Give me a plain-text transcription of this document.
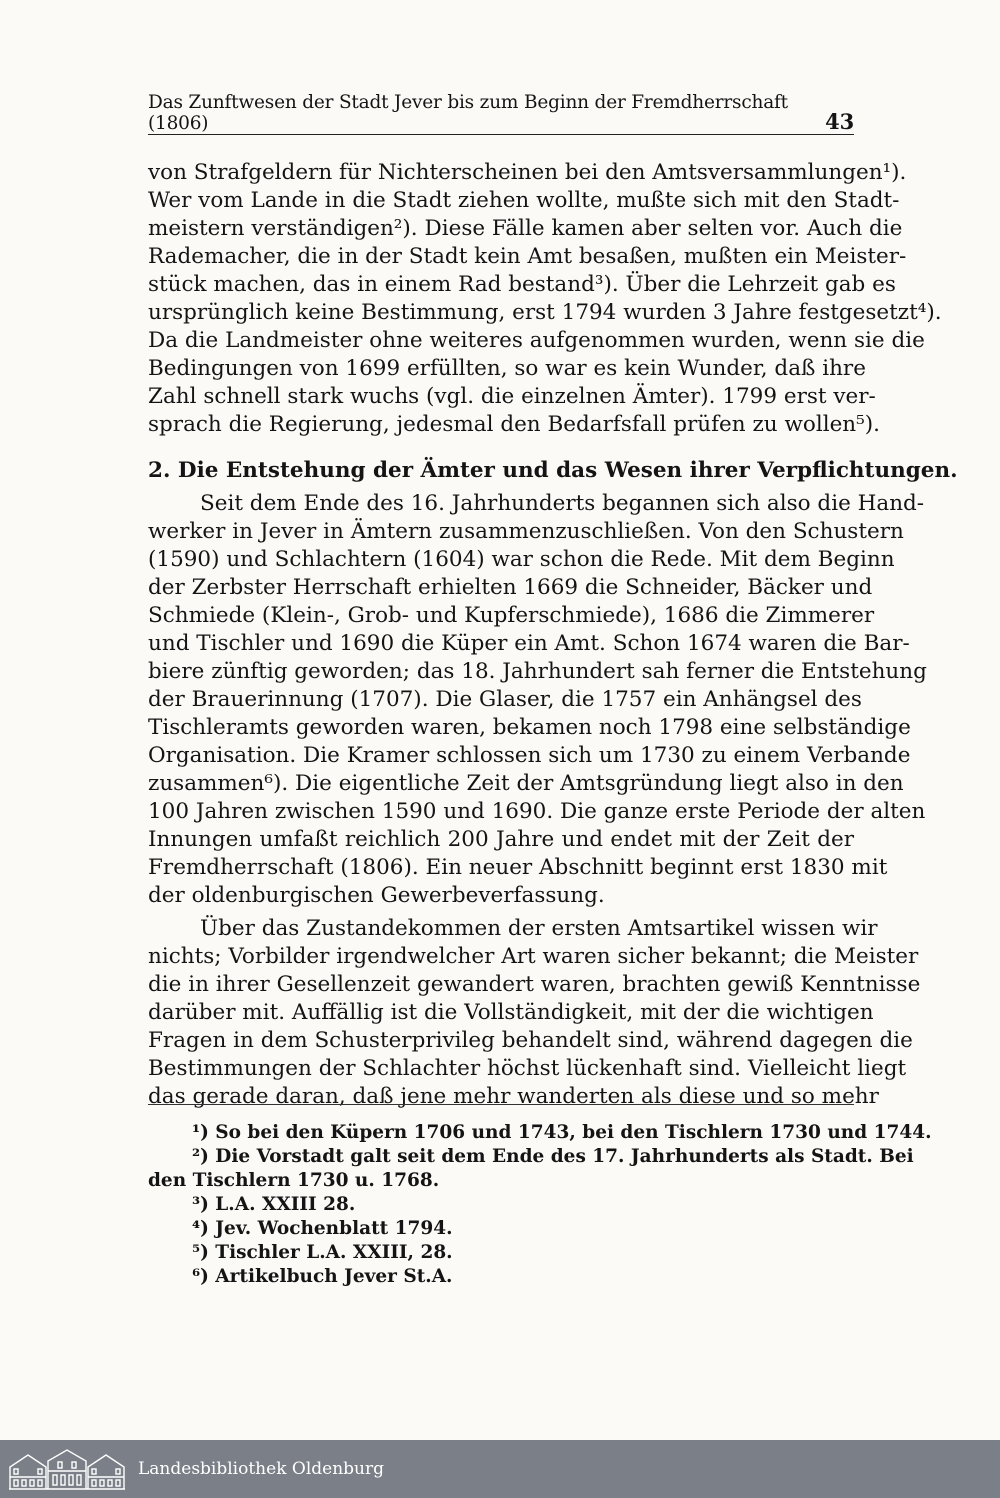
Das Zunftwesen der Stadt Jever bis zum Beginn der Fremdherrschaft (1806)	43

von Strafgeldern für Nichterscheinen bei den Amtsversammlungen¹).

Wer vom Lande in die Stadt ziehen wollte, mußte sich mit den Stadt-

meistern verständigen²). Diese Fälle kamen aber selten vor. Auch die

Rademacher, die in der Stadt kein Amt besaßen, mußten ein Meister-

stück machen, das in einem Rad bestand³). Über die Lehrzeit gab es

ursprünglich keine Bestimmung, erst 1794 wurden 3 Jahre festgesetzt⁴).

Da die Landmeister ohne weiteres aufgenommen wurden, wenn sie die

Bedingungen von 1699 erfüllten, so war es kein Wunder, daß ihre

Zahl schnell stark wuchs (vgl. die einzelnen Ämter). 1799 erst ver-

sprach die Regierung, jedesmal den Bedarfsfall prüfen zu wollen⁵).

2. Die Entstehung der Ämter und das Wesen ihrer Verpflichtungen.

Seit dem Ende des 16. Jahrhunderts begannen sich also die Hand-

werker in Jever in Ämtern zusammenzuschließen. Von den Schustern

(1590) und Schlachtern (1604) war schon die Rede. Mit dem Beginn

der Zerbster Herrschaft erhielten 1669 die Schneider, Bäcker und

Schmiede (Klein-, Grob- und Kupferschmiede), 1686 die Zimmerer

und Tischler und 1690 die Küper ein Amt. Schon 1674 waren die Bar-

biere zünftig geworden; das 18. Jahrhundert sah ferner die Entstehung

der Brauerinnung (1707). Die Glaser, die 1757 ein Anhängsel des

Tischleramts geworden waren, bekamen noch 1798 eine selbständige

Organisation. Die Kramer schlossen sich um 1730 zu einem Verbande

zusammen⁶). Die eigentliche Zeit der Amtsgründung liegt also in den

100 Jahren zwischen 1590 und 1690. Die ganze erste Periode der alten

Innungen umfaßt reichlich 200 Jahre und endet mit der Zeit der

Fremdherrschaft (1806). Ein neuer Abschnitt beginnt erst 1830 mit

der oldenburgischen Gewerbeverfassung.

Über das Zustandekommen der ersten Amtsartikel wissen wir

nichts; Vorbilder irgendwelcher Art waren sicher bekannt; die Meister

die in ihrer Gesellenzeit gewandert waren, brachten gewiß Kenntnisse

darüber mit. Auffällig ist die Vollständigkeit, mit der die wichtigen

Fragen in dem Schusterprivileg behandelt sind, während dagegen die

Bestimmungen der Schlachter höchst lückenhaft sind. Vielleicht liegt

das gerade daran, daß jene mehr wanderten als diese und so mehr

¹) So bei den Küpern 1706 und 1743, bei den Tischlern 1730 und 1744.

²) Die Vorstadt galt seit dem Ende des 17. Jahrhunderts als Stadt. Bei

den Tischlern 1730 u. 1768.

³) L.A. XXIII 28.

⁴) Jev. Wochenblatt 1794.

⁵) Tischler L.A. XXIII, 28.

⁶) Artikelbuch Jever St.A.

Landesbibliothek Oldenburg
